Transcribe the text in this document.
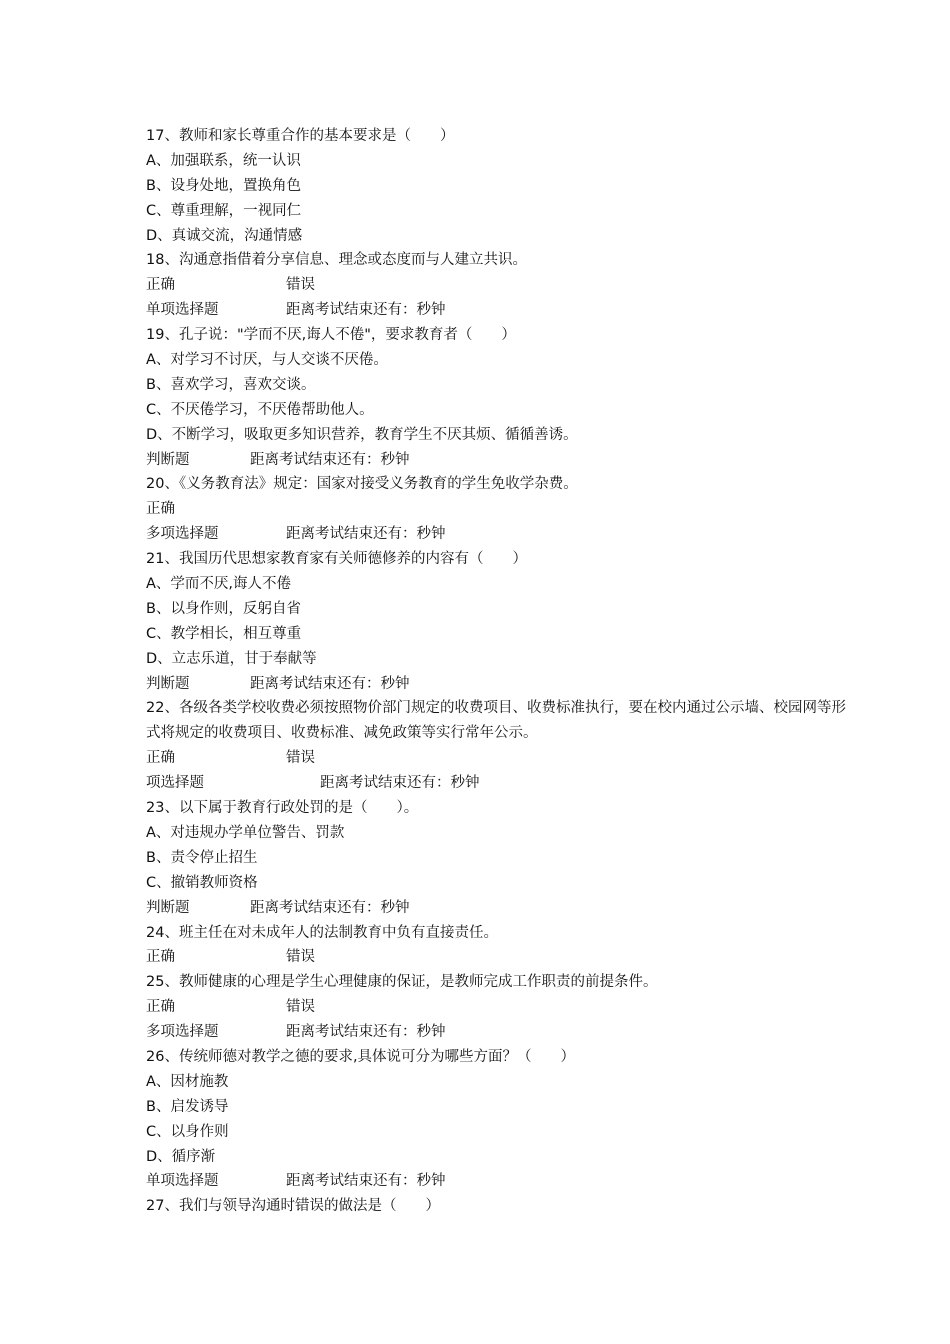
17、教师和家长尊重合作的基本要求是（　　）
A、加强联系，统一认识
B、设身处地，置换角色
C、尊重理解，一视同仁
D、真诚交流，沟通情感
18、沟通意指借着分享信息、理念或态度而与人建立共识。
正确	错误
单项选择题	距离考试结束还有：秒钟
19、孔子说："学而不厌,诲人不倦"，要求教育者（　　）
A、对学习不讨厌，与人交谈不厌倦。
B、喜欢学习，喜欢交谈。
C、不厌倦学习，不厌倦帮助他人。
D、不断学习，吸取更多知识营养，教育学生不厌其烦、循循善诱。
判断题	距离考试结束还有：秒钟
20、《义务教育法》规定：国家对接受义务教育的学生免收学杂费。
正确
多项选择题	距离考试结束还有：秒钟
21、我国历代思想家教育家有关师德修养的内容有（　　）
A、学而不厌,诲人不倦
B、以身作则，反躬自省
C、教学相长，相互尊重
D、立志乐道，甘于奉献等
判断题	距离考试结束还有：秒钟
22、各级各类学校收费必须按照物价部门规定的收费项目、收费标准执行，要在校内通过公示墙、校园网等形式将规定的收费项目、收费标准、减免政策等实行常年公示。
正确	错误
项选择题	距离考试结束还有：秒钟
23、以下属于教育行政处罚的是（　　）。
A、对违规办学单位警告、罚款
B、责令停止招生
C、撤销教师资格
判断题	距离考试结束还有：秒钟
24、班主任在对未成年人的法制教育中负有直接责任。
正确	错误
25、教师健康的心理是学生心理健康的保证，是教师完成工作职责的前提条件。
正确	错误
多项选择题	距离考试结束还有：秒钟
26、传统师德对教学之德的要求,具体说可分为哪些方面？（　　）
A、因材施教
B、启发诱导
C、以身作则
D、循序渐
单项选择题	距离考试结束还有：秒钟
27、我们与领导沟通时错误的做法是（　　）
